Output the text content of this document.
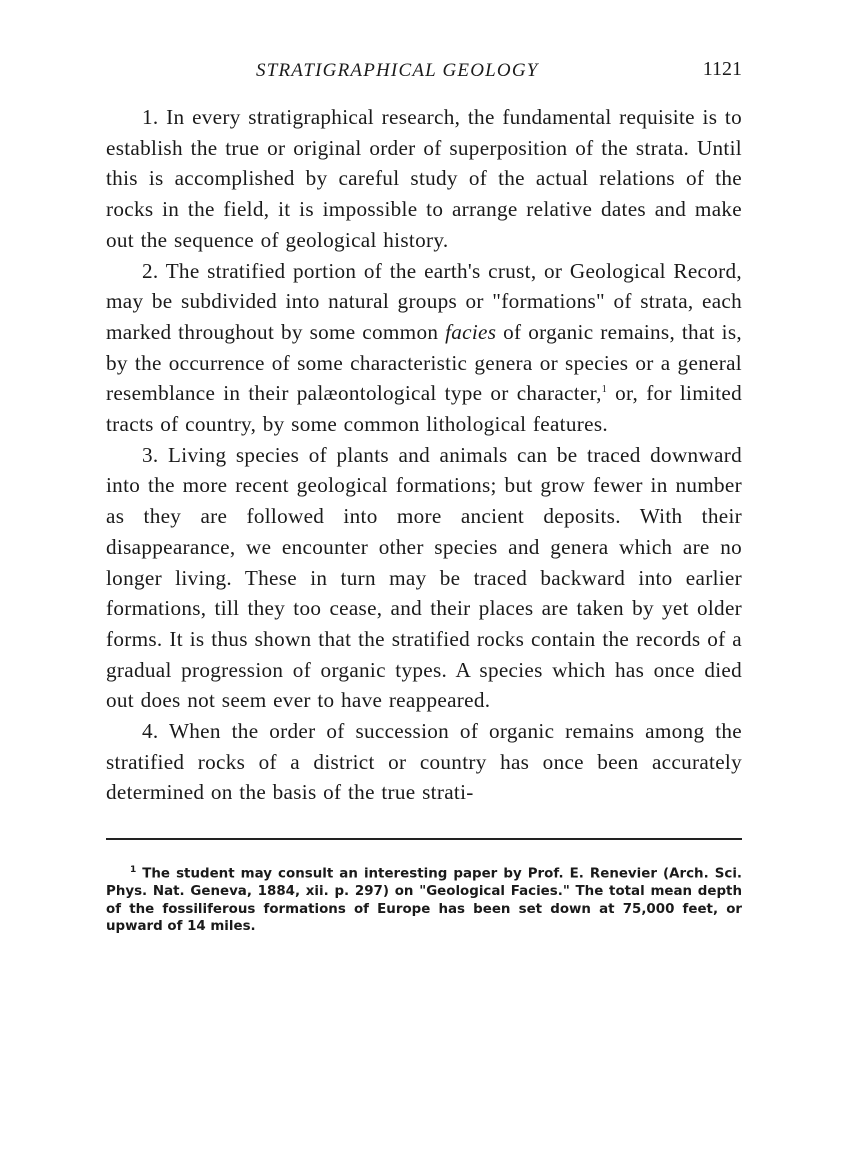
STRATIGRAPHICAL GEOLOGY	1121

1. In every stratigraphical research, the fundamental requisite is to establish the true or original order of superposition of the strata. Until this is accomplished by careful study of the actual relations of the rocks in the field, it is impossible to arrange relative dates and make out the sequence of geological history.

2. The stratified portion of the earth's crust, or Geological Record, may be subdivided into natural groups or "formations" of strata, each marked throughout by some common facies of organic remains, that is, by the occurrence of some characteristic genera or species or a general resemblance in their palæontological type or character,$^1$ or, for limited tracts of country, by some common lithological features.

3. Living species of plants and animals can be traced downward into the more recent geological formations; but grow fewer in number as they are followed into more ancient deposits. With their disappearance, we encounter other species and genera which are no longer living. These in turn may be traced backward into earlier formations, till they too cease, and their places are taken by yet older forms. It is thus shown that the stratified rocks contain the records of a gradual progression of organic types. A species which has once died out does not seem ever to have reappeared.

4. When the order of succession of organic remains among the stratified rocks of a district or country has once been accurately determined on the basis of the true strati-

$^1$ The student may consult an interesting paper by Prof. E. Renevier (Arch. Sci. Phys. Nat. Geneva, 1884, xii. p. 297) on "Geological Facies." The total mean depth of the fossiliferous formations of Europe has been set down at 75,000 feet, or upward of 14 miles.
